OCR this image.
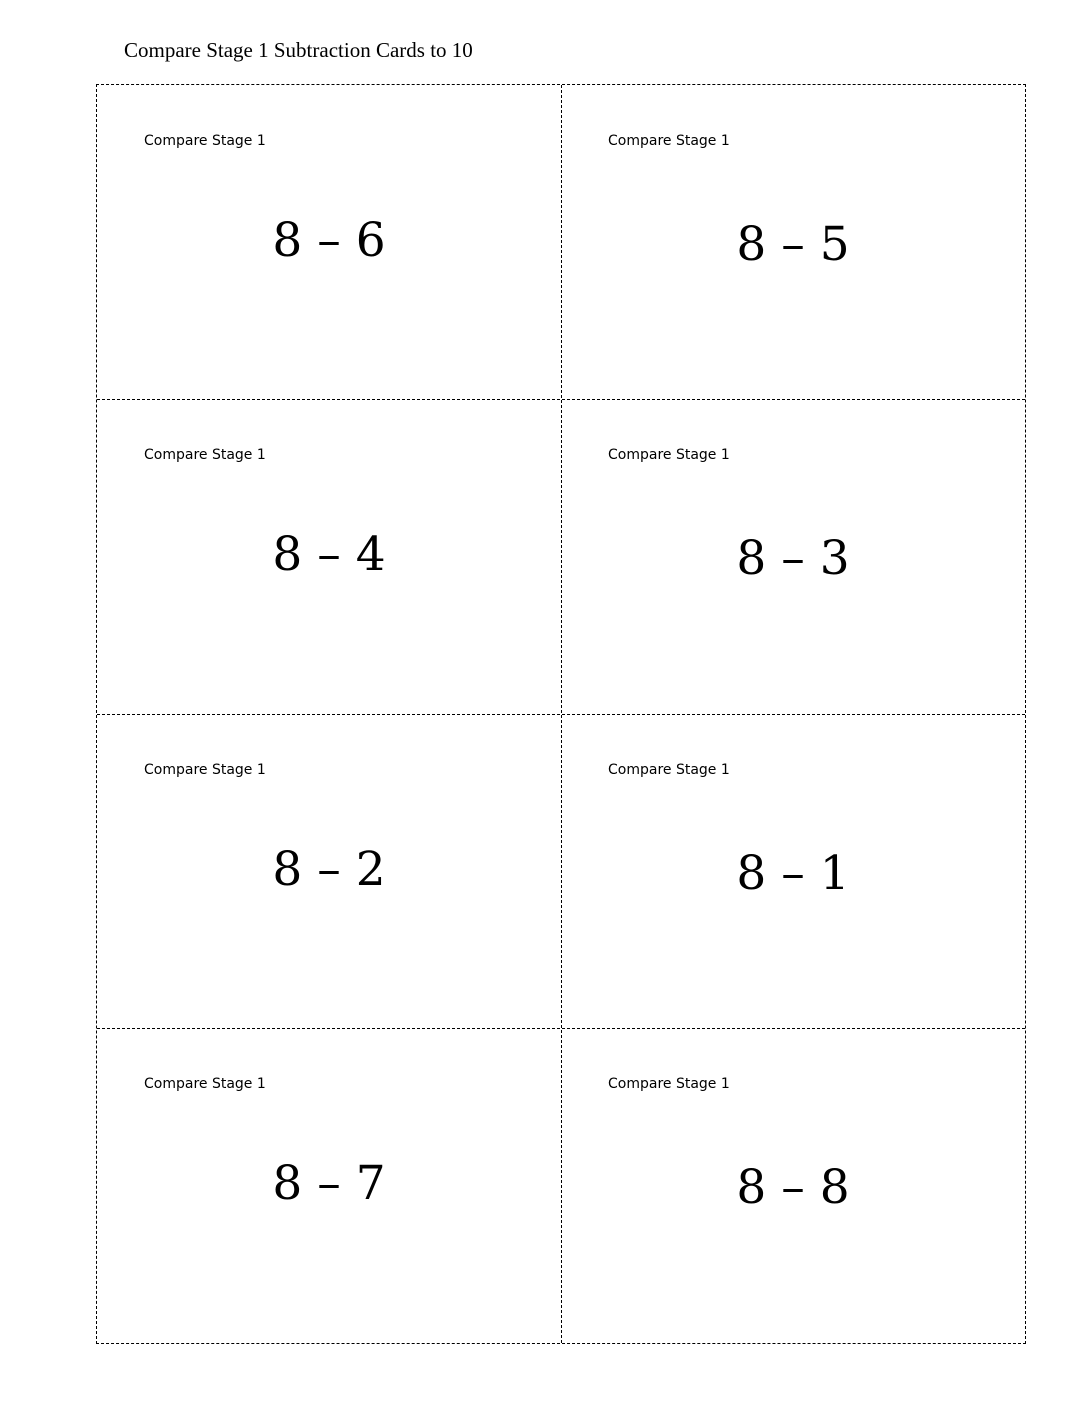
Compare Stage 1 Subtraction Cards to 10
Compare Stage 1
8 – 6
Compare Stage 1
8 – 5
Compare Stage 1
8 – 4
Compare Stage 1
8 – 3
Compare Stage 1
8 – 2
Compare Stage 1
8 – 1
Compare Stage 1
8 – 7
Compare Stage 1
8 – 8
